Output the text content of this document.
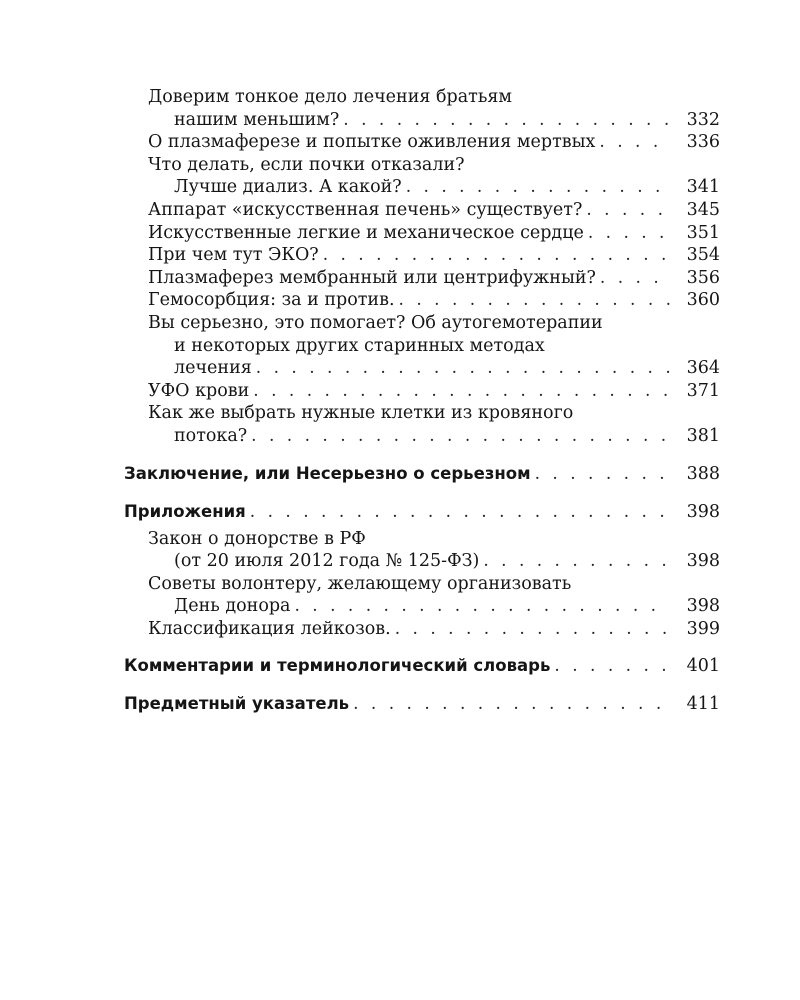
Доверим тонкое дело лечения братьям
нашим меньшим? . . .	332
О плазмаферезе и попытке оживления мертвых . . .	336
Что делать, если почки отказали?
Лучше диализ. А какой? . . .	341
Аппарат «искусственная печень» существует? . . .	345
Искусственные легкие и механическое сердце . . .	351
При чем тут ЭКО? . . .	354
Плазмаферез мембранный или центрифужный? . . .	356
Гемосорбция: за и против. . . .	360
Вы серьезно, это помогает? Об аутогемотерапии
и некоторых других старинных методах
лечения . . .	364
УФО крови . . .	371
Как же выбрать нужные клетки из кровяного
потока? . . .	381
Заключение, или Несерьезно о серьезном . . .	388
Приложения . . .	398
Закон о донорстве в РФ
(от 20 июля 2012 года № 125-ФЗ) . . .	398
Советы волонтеру, желающему организовать
День донора . . .	398
Классификация лейкозов. . . .	399
Комментарии и терминологический словарь . . .	401
Предметный указатель . . .	411
